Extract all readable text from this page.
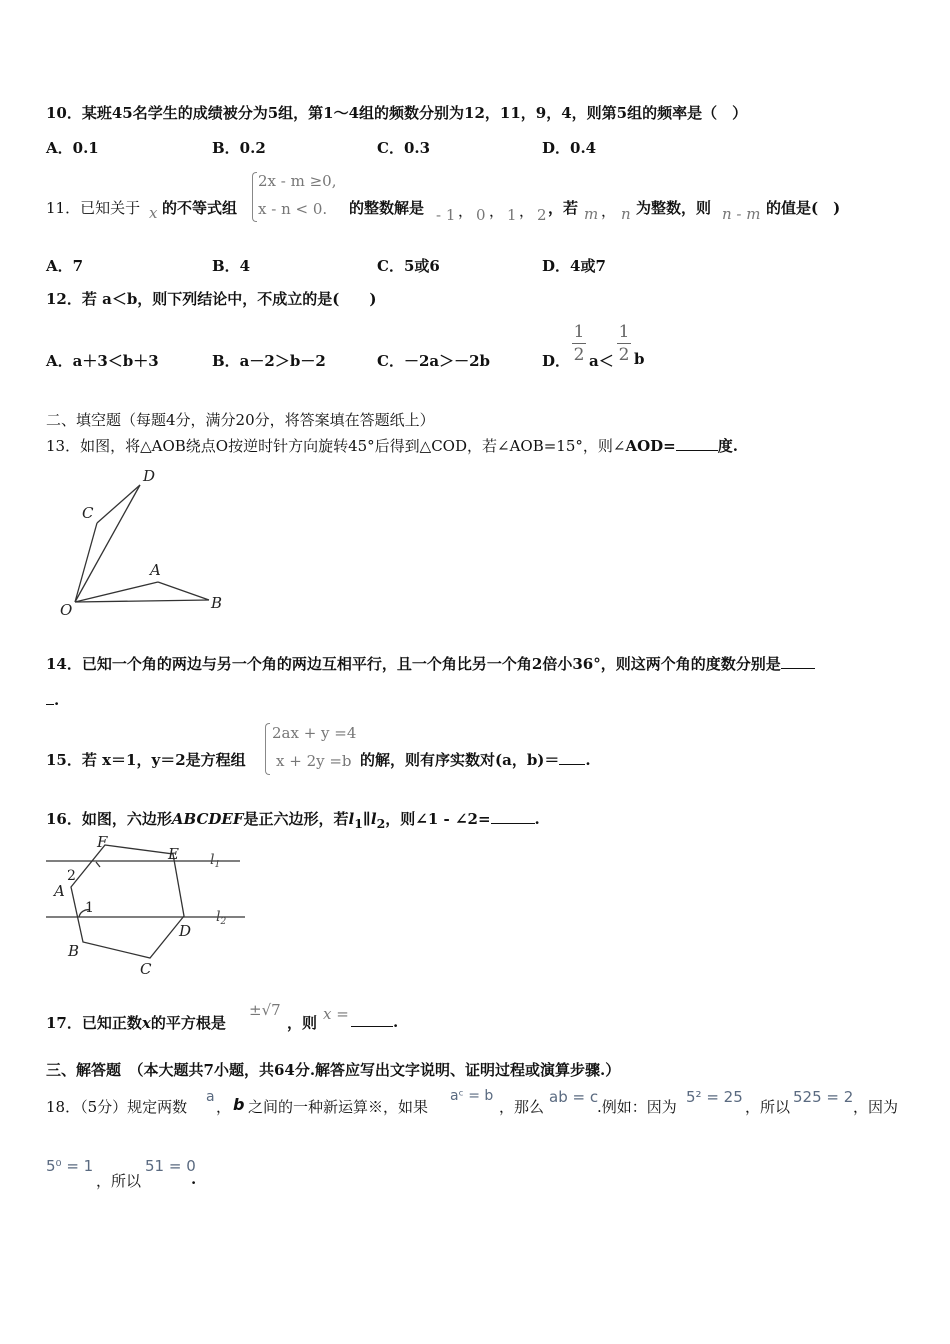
10．某班45名学生的成绩被分为5组，第1～4组的频数分别为12，11，9，4，则第5组的频率是（　）
A．0.1	B．0.2	C．0.3	D．0.4
11．已知关于 x 的不等式组
2x - m ≥0,
x - n < 0. 的整数解是 - 1 ， 0 ， 1 ， 2 ，若 m ， n 为整数，则 n - m 的值是(　)
A．7	B．4	C．5或6	D．4或7
12．若 a＜b，则下列结论中，不成立的是(　　)
A．a＋3＜b＋3	B．a－2＞b－2	C．－2a＞－2b	D．
1
2 a＜
1
2 b
二、填空题（每题4分，满分20分，将答案填在答题纸上）
13．如图，将△AOB绕点O按逆时针方向旋转45°后得到△COD，若∠AOB=15°，则∠AOD=	度.
D
C
A
O	B
14．已知一个角的两边与另一个角的两边互相平行，且一个角比另一个角2倍小36°，则这两个角的度数分别是
.
15．若 x＝1，y＝2是方程组
2ax + y =4
x + 2y =b 的解，则有序实数对(a，b)＝ .
16．如图，六边形ABCDEF是正六边形，若$l_1\parallel l_2$，则∠1 - ∠2=	.
F
E
A
2
1
B
C
D
$l_1$
$l_2$
17．已知正数x的平方根是
±√7
，则 x =	.
三、解答题　（本大题共7小题，共64分.解答应写出文字说明、证明过程或演算步骤.）
18．（5分）规定两数
a
， b 之间的一种新运算※，如果
aᶜ = b
，那么
ab = c
.例如：因为
5² = 25
，所以
525 = 2
，因为
5⁰ = 1
，所以
51 = 0
.
